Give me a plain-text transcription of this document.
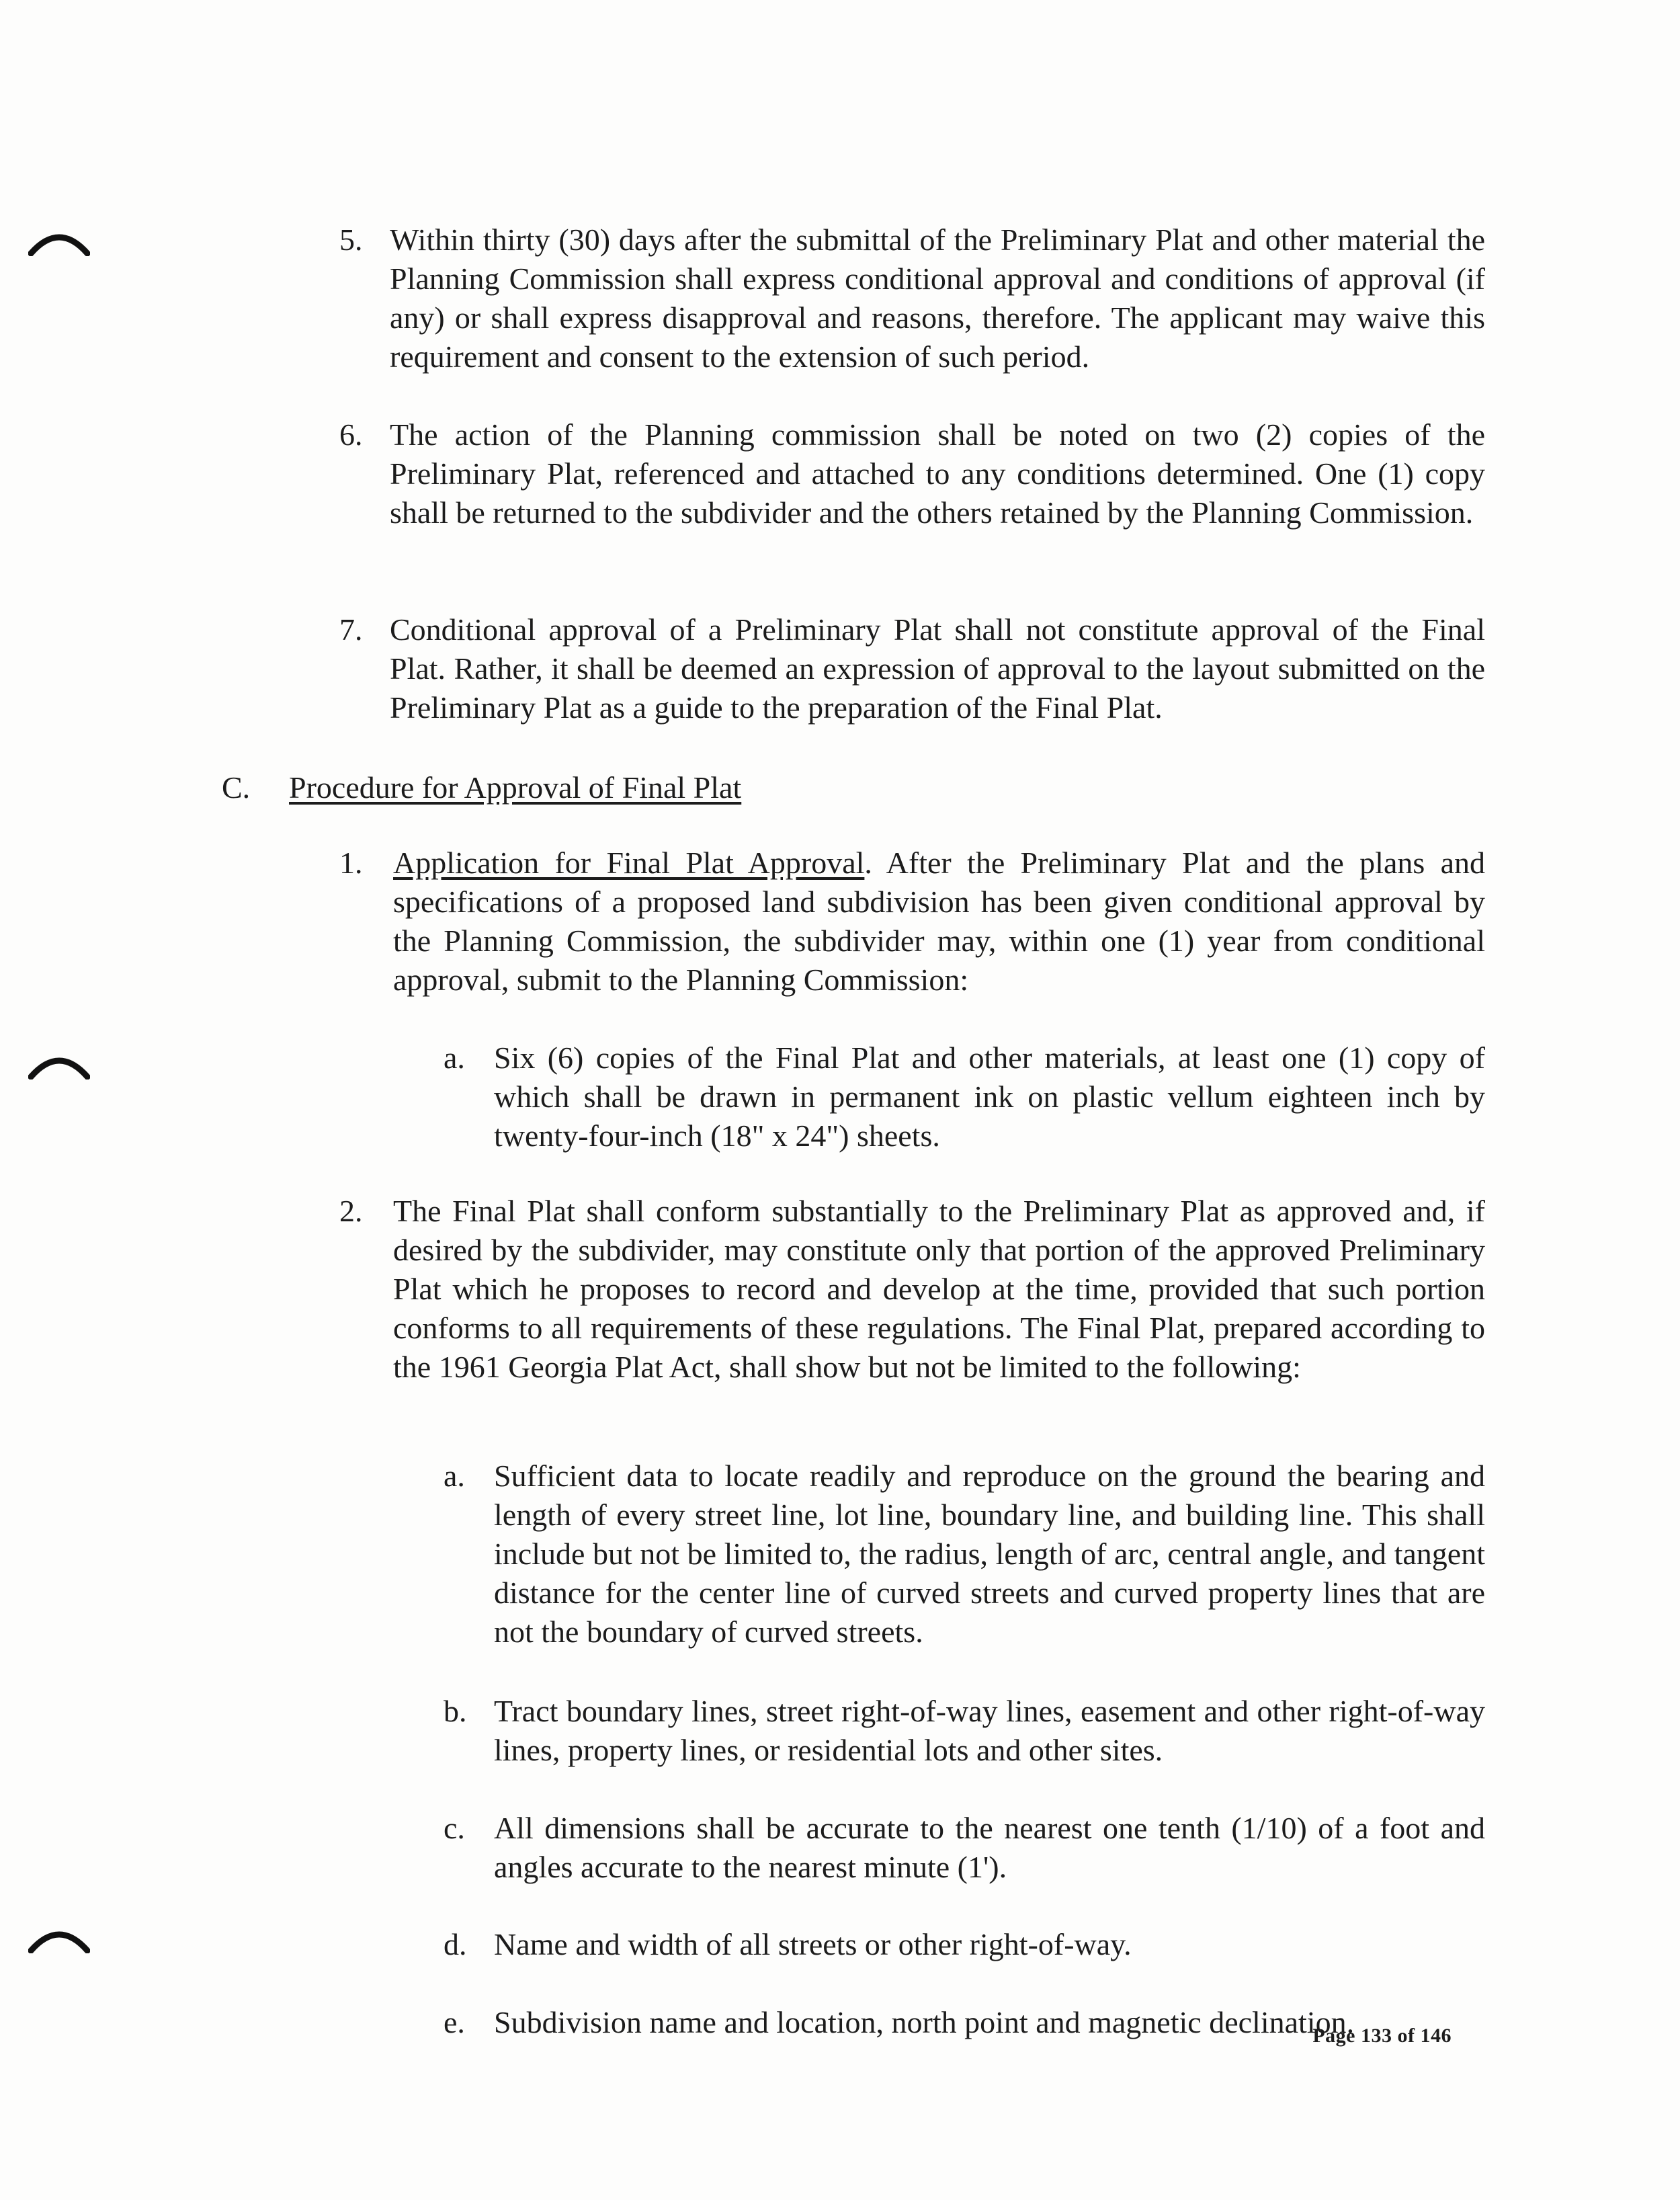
5. Within thirty (30) days after the submittal of the Preliminary Plat and other material the Planning Commission shall express conditional approval and conditions of approval (if any) or shall express disapproval and reasons, therefore. The applicant may waive this requirement and consent to the extension of such period.
6. The action of the Planning commission shall be noted on two (2) copies of the Preliminary Plat, referenced and attached to any conditions determined. One (1) copy shall be returned to the subdivider and the others retained by the Planning Commission.
7. Conditional approval of a Preliminary Plat shall not constitute approval of the Final Plat. Rather, it shall be deemed an expression of approval to the layout submitted on the Preliminary Plat as a guide to the preparation of the Final Plat.
C. Procedure for Approval of Final Plat
1. Application for Final Plat Approval. After the Preliminary Plat and the plans and specifications of a proposed land subdivision has been given conditional approval by the Planning Commission, the subdivider may, within one (1) year from conditional approval, submit to the Planning Commission:
a. Six (6) copies of the Final Plat and other materials, at least one (1) copy of which shall be drawn in permanent ink on plastic vellum eighteen inch by twenty-four-inch (18" x 24") sheets.
2. The Final Plat shall conform substantially to the Preliminary Plat as approved and, if desired by the subdivider, may constitute only that portion of the approved Preliminary Plat which he proposes to record and develop at the time, provided that such portion conforms to all requirements of these regulations. The Final Plat, prepared according to the 1961 Georgia Plat Act, shall show but not be limited to the following:
a. Sufficient data to locate readily and reproduce on the ground the bearing and length of every street line, lot line, boundary line, and building line. This shall include but not be limited to, the radius, length of arc, central angle, and tangent distance for the center line of curved streets and curved property lines that are not the boundary of curved streets.
b. Tract boundary lines, street right-of-way lines, easement and other right-of-way lines, property lines, or residential lots and other sites.
c. All dimensions shall be accurate to the nearest one tenth (1/10) of a foot and angles accurate to the nearest minute (1').
d. Name and width of all streets or other right-of-way.
e. Subdivision name and location, north point and magnetic declination.
Page 133 of 146
